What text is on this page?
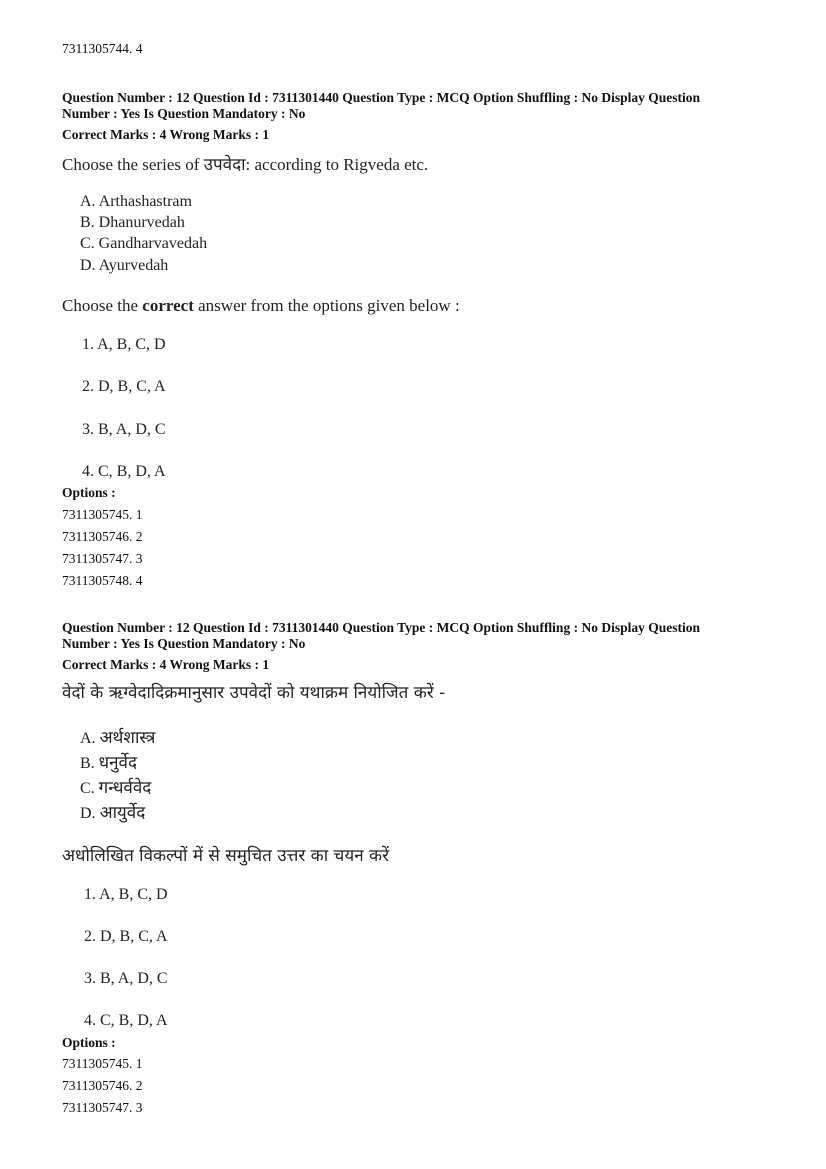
7311305744. 4
Question Number : 12 Question Id : 7311301440 Question Type : MCQ Option Shuffling : No Display Question
Number : Yes Is Question Mandatory : No
Correct Marks : 4 Wrong Marks : 1
Choose the series of उपवेदा: according to Rigveda etc.
A. Arthashastram
B. Dhanurvedah
C. Gandharvavedah
D. Ayurvedah
Choose the correct answer from the options given below :
1. A, B, C, D
2. D, B, C, A
3. B, A, D, C
4. C, B, D, A
Options :
7311305745. 1
7311305746. 2
7311305747. 3
7311305748. 4
Question Number : 12 Question Id : 7311301440 Question Type : MCQ Option Shuffling : No Display Question
Number : Yes Is Question Mandatory : No
Correct Marks : 4 Wrong Marks : 1
वेदों के ऋग्वेदादिक्रमानुसार उपवेदों को यथाक्रम नियोजित करें -
A. अर्थशास्त्र
B. धनुर्वेद
C. गन्धर्ववेद
D. आयुर्वेद
अधोलिखित विकल्पों में से समुचित उत्तर का चयन करें
1. A, B, C, D
2. D, B, C, A
3. B, A, D, C
4. C, B, D, A
Options :
7311305745. 1
7311305746. 2
7311305747. 3
